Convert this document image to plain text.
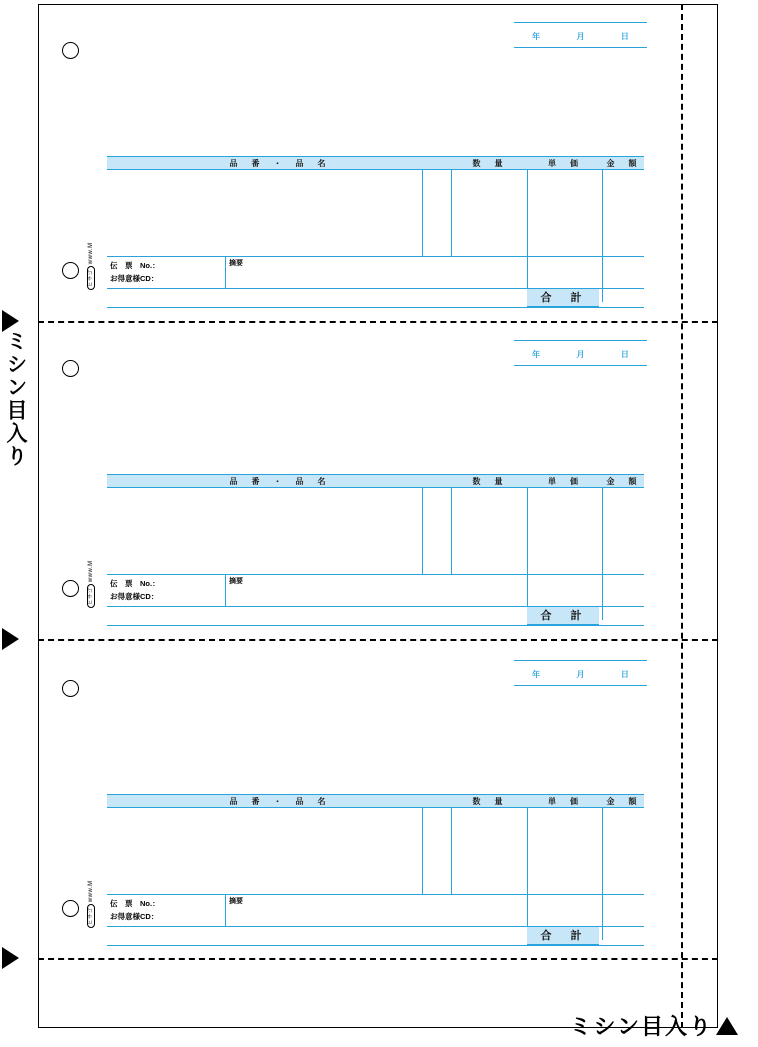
ミシン目入り
ヒサゴwww.M
年	月	日
品　番　・　品　名	数　量	単　価	金　額
伝　票　No.：
お得意様CD：
摘要
合　計
ヒサゴwww.M
年	月	日
品　番　・　品　名	数　量	単　価	金　額
伝　票　No.：
お得意様CD：
摘要
合　計
ヒサゴwww.M
年	月	日
品　番　・　品　名	数　量	単　価	金　額
伝　票　No.：
お得意様CD：
摘要
合　計
ミシン目入り
